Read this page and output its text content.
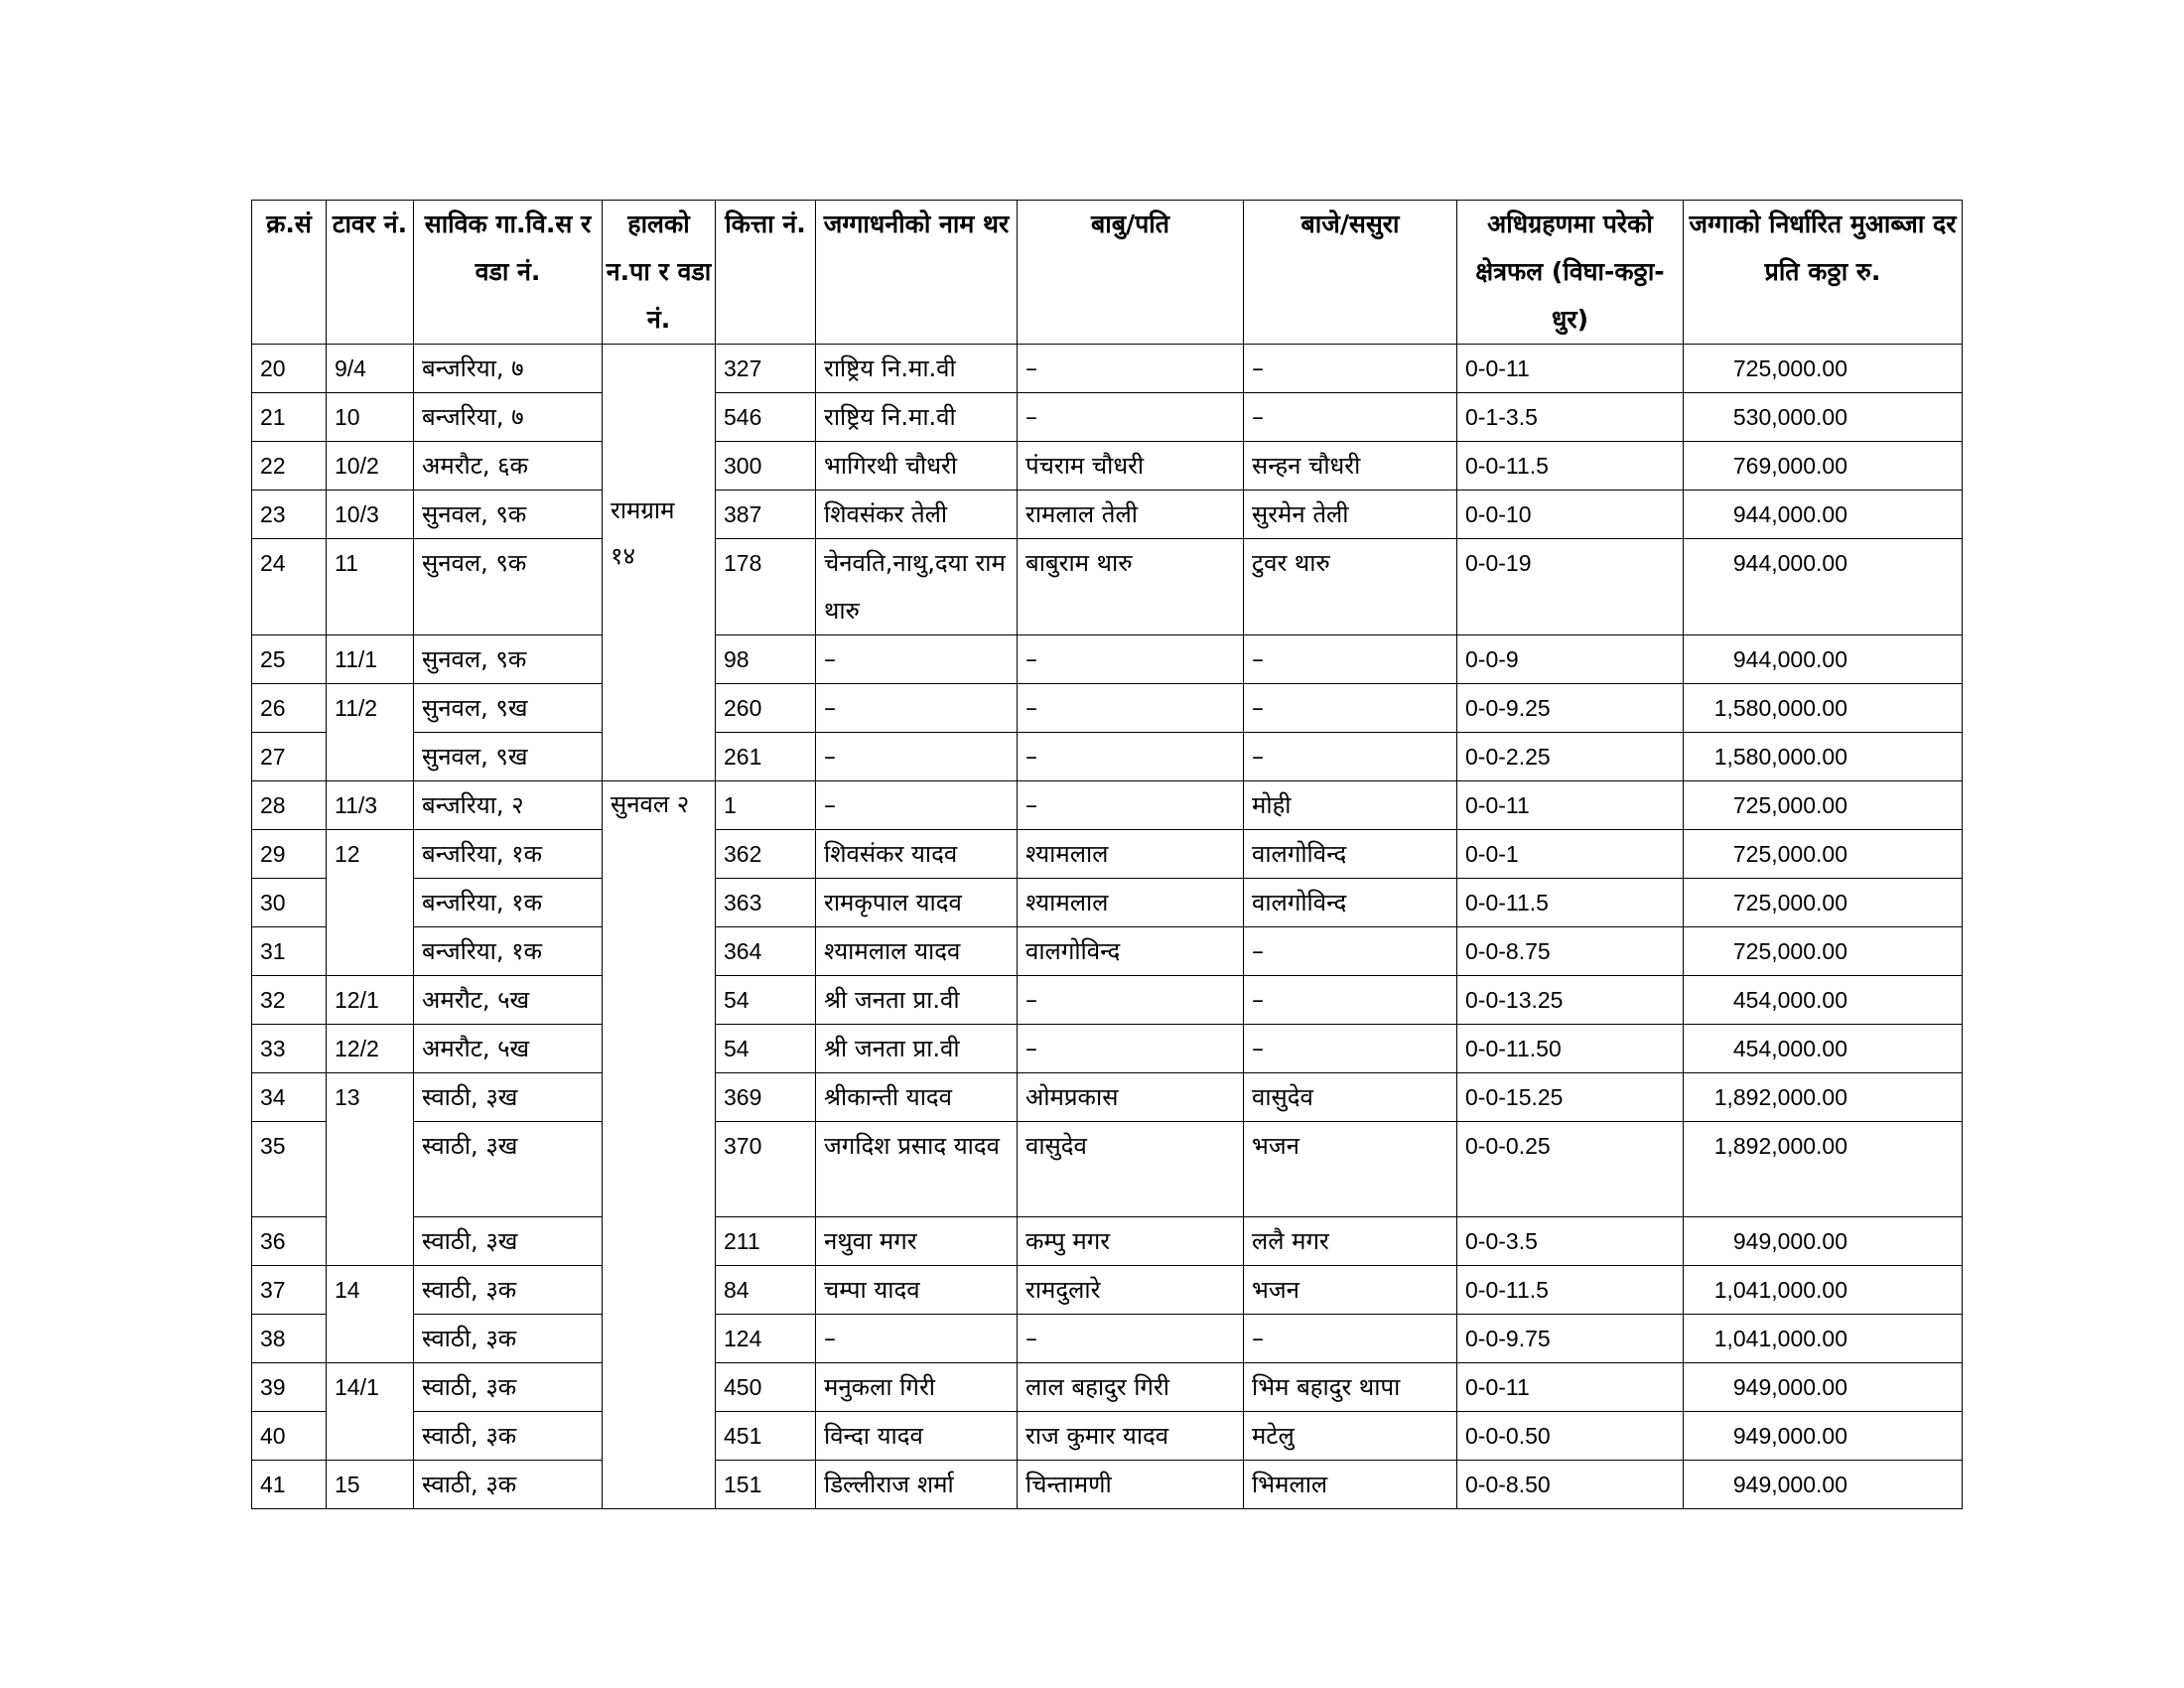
क्र.सं	टावर नं.	साविक गा.वि.स र वडा नं.	हालको न.पा र वडा नं.	कित्ता नं.	जग्गाधनीको नाम थर	बाबु/पति	बाजे/ससुरा	अधिग्रहणमा परेको क्षेत्रफल (विघा-कठ्ठा-धुर)	जग्गाको निर्धारित मुआब्जा दर प्रति कठ्ठा रु.
20	9/4	बन्जरिया, ७	रामग्राम १४	327	राष्ट्रिय नि.मा.वी	–	–	0-0-11	725,000.00
21	10	बन्जरिया, ७		546	राष्ट्रिय नि.मा.वी	–	–	0-1-3.5	530,000.00
22	10/2	अमरौट, ६क		300	भागिरथी चौधरी	पंचराम चौधरी	सन्हन चौधरी	0-0-11.5	769,000.00
23	10/3	सुनवल, ९क		387	शिवसंकर तेली	रामलाल तेली	सुरमेन तेली	0-0-10	944,000.00
24	11	सुनवल, ९क		178	चेनवति,नाथु,दया राम थारु	बाबुराम थारु	टुवर थारु	0-0-19	944,000.00
25	11/1	सुनवल, ९क		98	–	–	–	0-0-9	944,000.00
26	11/2	सुनवल, ९ख		260	–	–	–	0-0-9.25	1,580,000.00
27		सुनवल, ९ख		261	–	–	–	0-0-2.25	1,580,000.00
28	11/3	बन्जरिया, २	सुनवल २	1	–	–	मोही	0-0-11	725,000.00
29	12	बन्जरिया, १क		362	शिवसंकर यादव	श्यामलाल	वालगोविन्द	0-0-1	725,000.00
30		बन्जरिया, १क		363	रामकृपाल यादव	श्यामलाल	वालगोविन्द	0-0-11.5	725,000.00
31		बन्जरिया, १क		364	श्यामलाल यादव	वालगोविन्द	–	0-0-8.75	725,000.00
32	12/1	अमरौट, ५ख		54	श्री जनता प्रा.वी	–	–	0-0-13.25	454,000.00
33	12/2	अमरौट, ५ख		54	श्री जनता प्रा.वी	–	–	0-0-11.50	454,000.00
34	13	स्वाठी, ३ख		369	श्रीकान्ती यादव	ओमप्रकास	वासुदेव	0-0-15.25	1,892,000.00
35		स्वाठी, ३ख		370	जगदिश प्रसाद यादव	वासुदेव	भजन	0-0-0.25	1,892,000.00
36		स्वाठी, ३ख		211	नथुवा मगर	कम्पु मगर	ललै मगर	0-0-3.5	949,000.00
37	14	स्वाठी, ३क		84	चम्पा यादव	रामदुलारे	भजन	0-0-11.5	1,041,000.00
38		स्वाठी, ३क		124	–	–	–	0-0-9.75	1,041,000.00
39	14/1	स्वाठी, ३क		450	मनुकला गिरी	लाल बहादुर गिरी	भिम बहादुर थापा	0-0-11	949,000.00
40		स्वाठी, ३क		451	विन्दा यादव	राज कुमार यादव	मटेलु	0-0-0.50	949,000.00
41	15	स्वाठी, ३क		151	डिल्लीराज शर्मा	चिन्तामणी	भिमलाल	0-0-8.50	949,000.00
